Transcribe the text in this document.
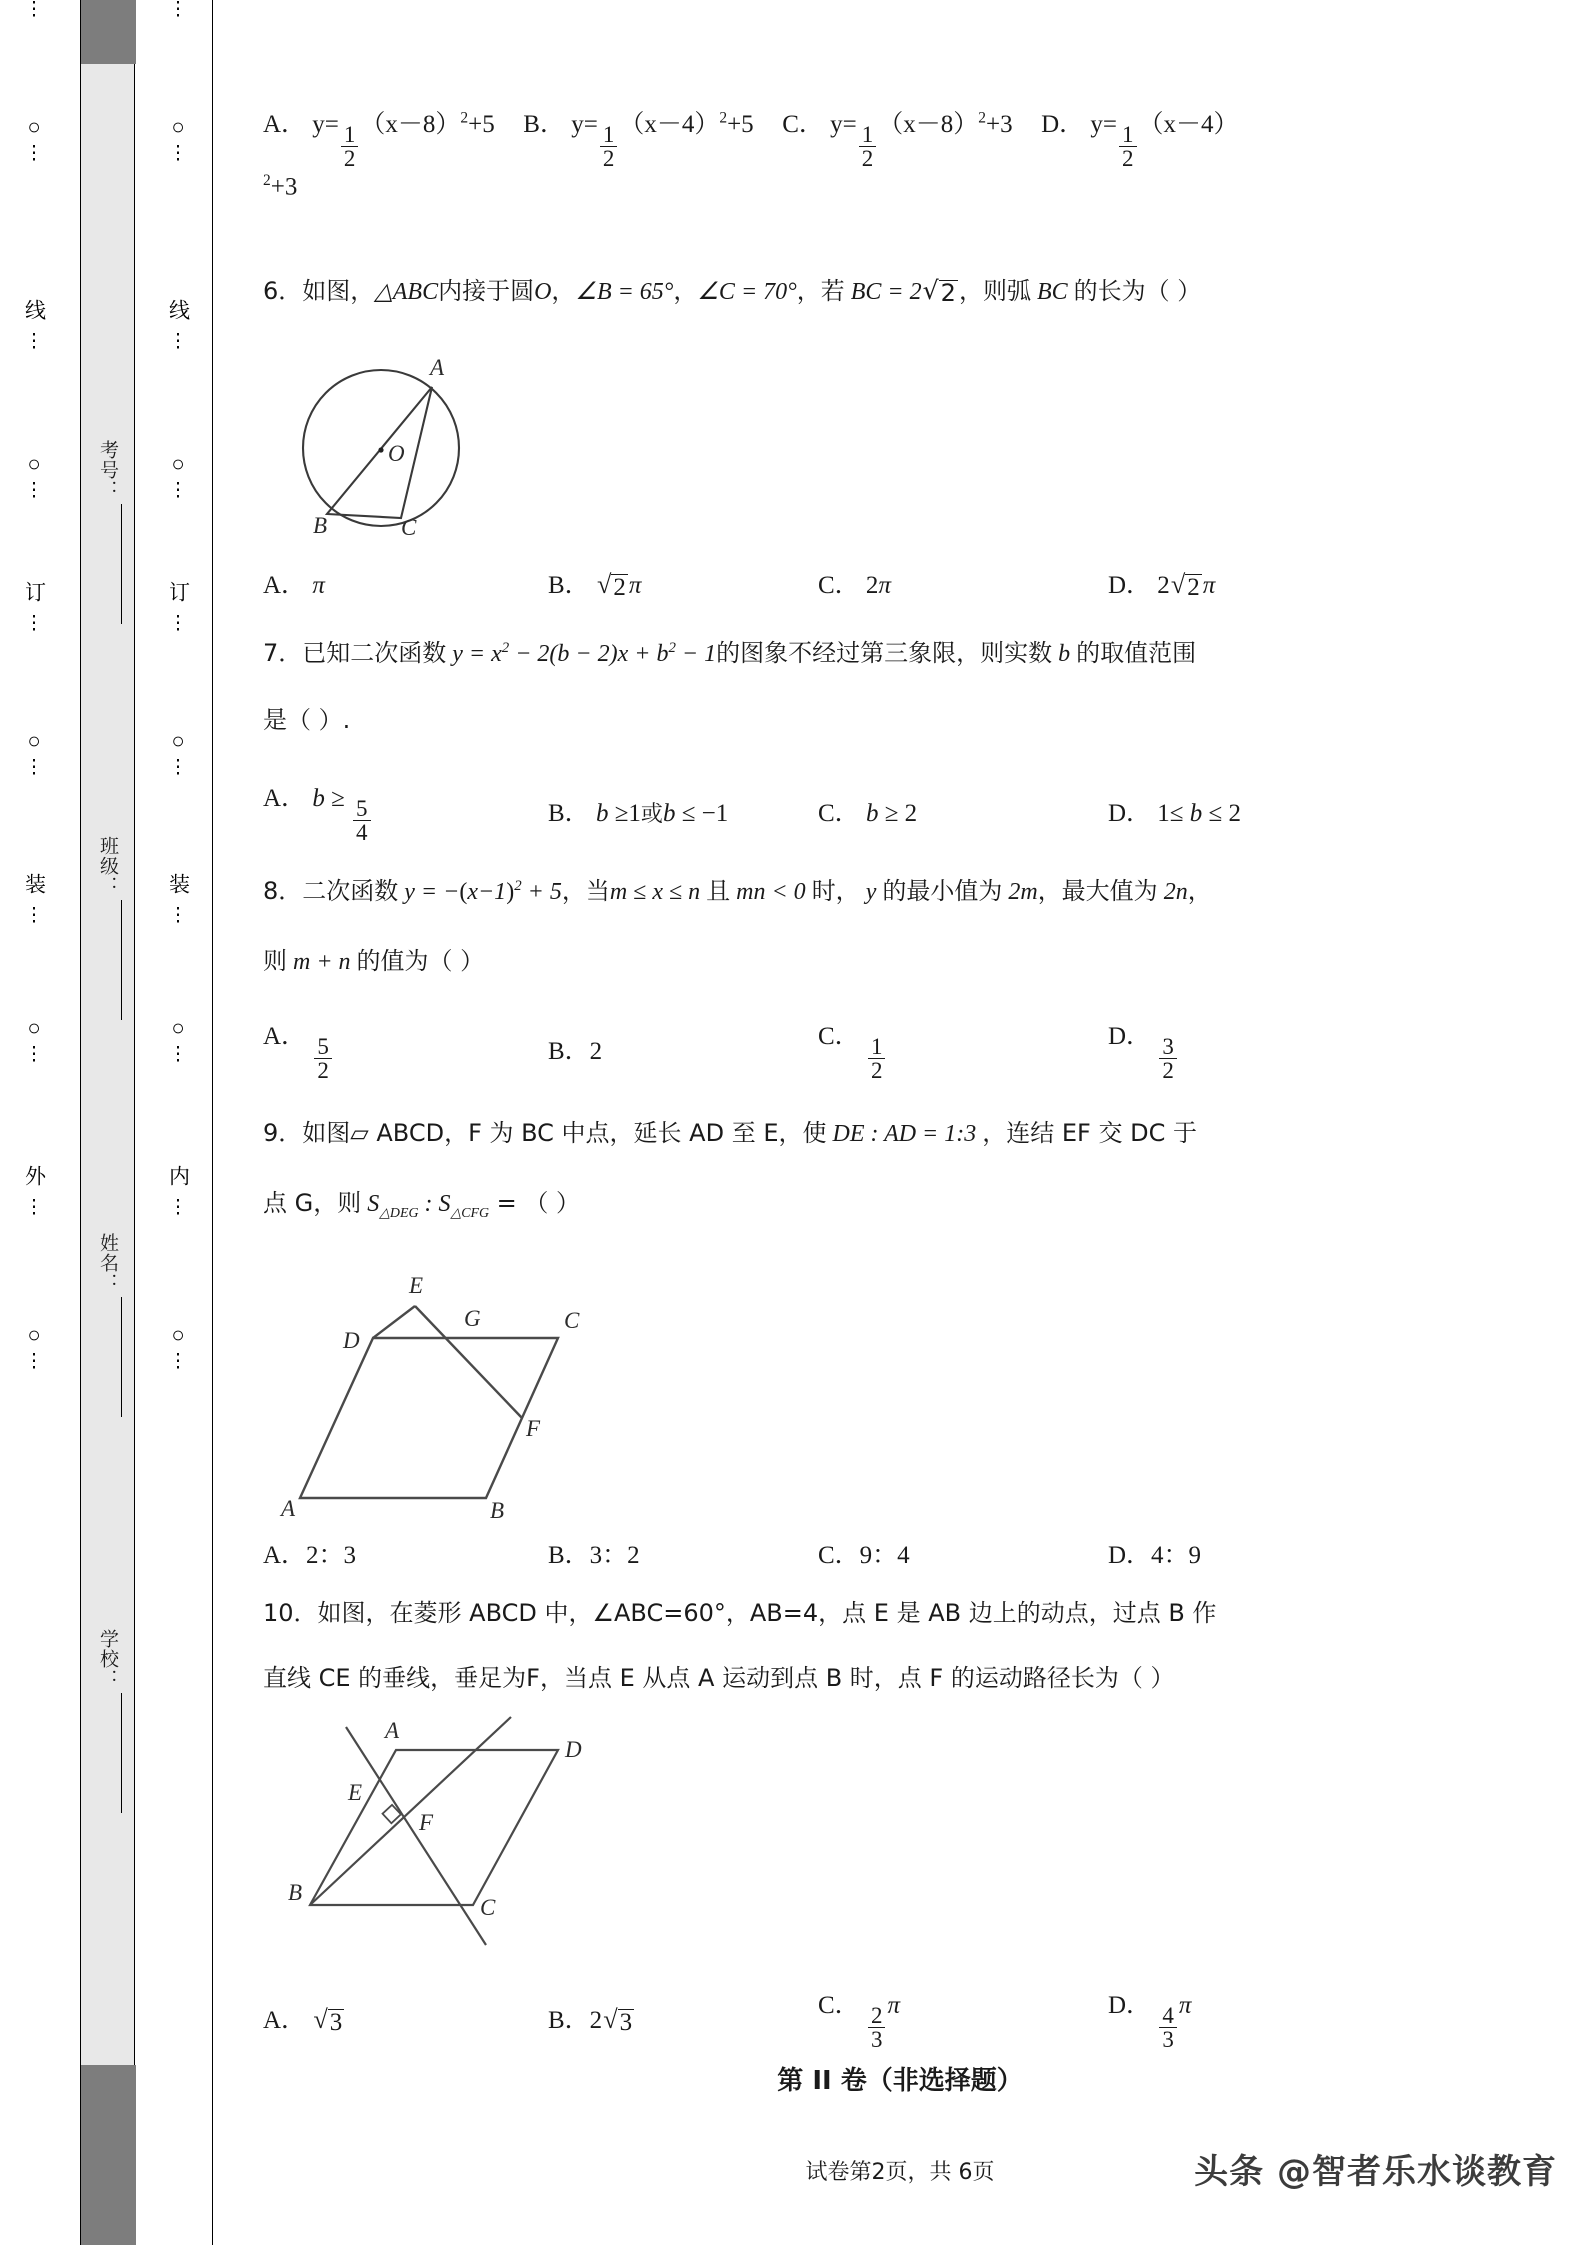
⋮
○
⋮
线
⋮
○
⋮
订
⋮
○
⋮
装
⋮
○
⋮
外
⋮
○
⋮
考号：
班级：
姓名：
学校：
⋮
○
⋮
线
⋮
○
⋮
订
⋮
○
⋮
装
⋮
○
⋮
内
⋮
○
⋮
A． $y= \frac{1}{2} (x-8)^2+5$ B． $y= \frac{1}{2} (x-4)^2+5$ C． $y= \frac{1}{2} (x-8)^2+3$ D． $y= \frac{1}{2} (x-4)$
$^2$+3
6．如图，△ABC内接于圆O，∠B = 65°，∠C = 70°，若 BC = 2 √ 2 ，则弧 BC 的长为（ ）
A
B	C
O
A． π	B． √ 2 π	C． 2π	D． 2 √ 2 π
7．已知二次函数 $y = x^2 - 2(b - 2)x + b^2 - 1$的图象不经过第三象限，则实数 b 的取值范围
是（ ）.
A． $b \ge \frac{5}{4}$	B． b ≥1或b ≤ −1	C． b ≥ 2	D． 1≤ b ≤ 2
8．二次函数 $y = -(x-1)^2 + 5$，当m ≤ x ≤ n 且 mn < 0 时， y 的最小值为 2m，最大值为 2n，
则 m + n 的值为（ ）
A． $\frac{5}{2}$	B．2
C． $\frac{1}{2}$	D． $\frac{3}{2}$
9．如图▱ ABCD，F 为 BC 中点，延长 AD 至 E，使 DE : AD = 1:3 ，连结 EF 交 DC 于
点 G，则 $S_{\triangle DEG}$ : $S_{\triangle CFG}$ = （ ）
A	B
C
D
E
F
G
A．2：3	B．3：2	C．9：4	D．4：9
10．如图，在菱形 ABCD 中，∠ABC=60°，AB=4，点 E 是 AB 边上的动点，过点 B 作
直线 CE 的垂线，垂足为F，当点 E 从点 A 运动到点 B 时，点 F 的运动路径长为（ ）
A
B
C
D
E
F
A． √ 3	B．2 √ 3
C． $\frac{2}{3}$ π	D． $\frac{4}{3}$ π
第 II 卷（非选择题）
试卷第2页，共 6页	头条 @智者乐水谈教育
